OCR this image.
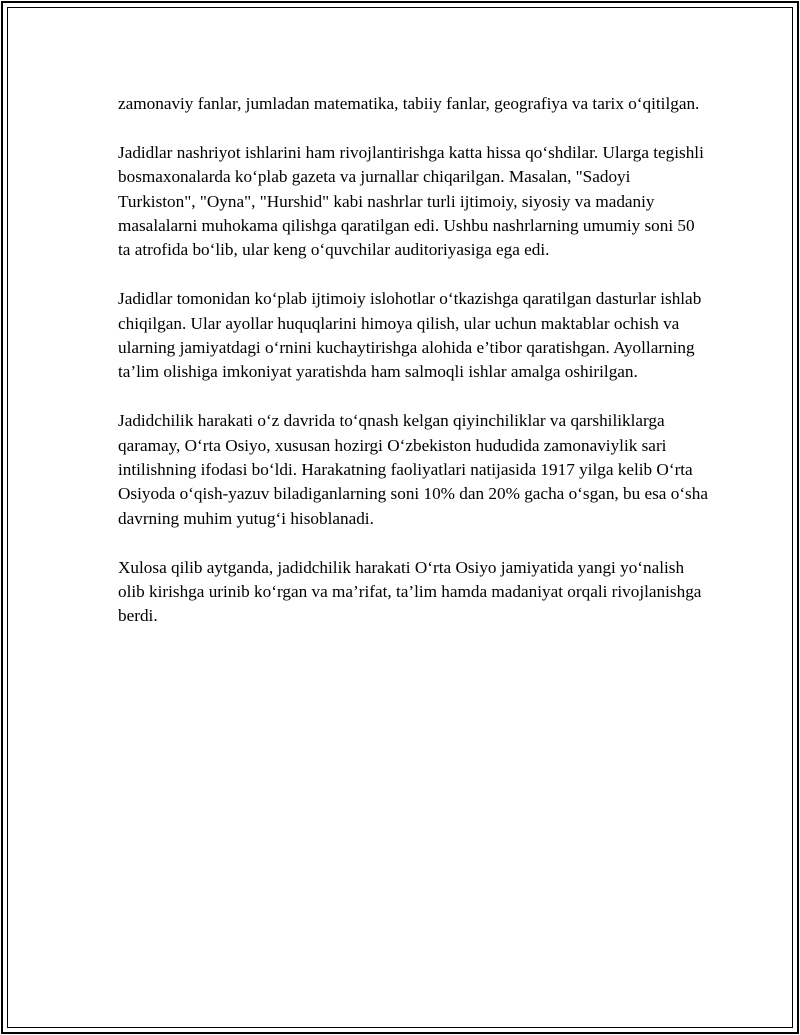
zamonaviy fanlar, jumladan matematika, tabiiy fanlar, geografiya va tarix o‘qitilgan.

Jadidlar nashriyot ishlarini ham rivojlantirishga katta hissa qo‘shdilar. Ularga tegishli bosmaxonalarda ko‘plab gazeta va jurnallar chiqarilgan. Masalan, "Sadoyi Turkiston", "Oyna", "Hurshid" kabi nashrlar turli ijtimoiy, siyosiy va madaniy masalalarni muhokama qilishga qaratilgan edi. Ushbu nashrlarning umumiy soni 50 ta atrofida bo‘lib, ular keng o‘quvchilar auditoriyasiga ega edi.

Jadidlar tomonidan ko‘plab ijtimoiy islohotlar o‘tkazishga qaratilgan dasturlar ishlab chiqilgan. Ular ayollar huquqlarini himoya qilish, ular uchun maktablar ochish va ularning jamiyatdagi o‘rnini kuchaytirishga alohida e’tibor qaratishgan. Ayollarning ta’lim olishiga imkoniyat yaratishda ham salmoqli ishlar amalga oshirilgan.

Jadidchilik harakati o‘z davrida to‘qnash kelgan qiyinchiliklar va qarshiliklarga qaramay, O‘rta Osiyo, xususan hozirgi O‘zbekiston hududida zamonaviylik sari intilishning ifodasi bo‘ldi. Harakatning faoliyatlari natijasida 1917 yilga kelib O‘rta Osiyoda o‘qish-yazuv biladiganlarning soni 10% dan 20% gacha o‘sgan, bu esa o‘sha davrning muhim yutug‘i hisoblanadi.

Xulosa qilib aytganda, jadidchilik harakati O‘rta Osiyo jamiyatida yangi yo‘nalish olib kirishga urinib ko‘rgan va ma’rifat, ta’lim hamda madaniyat orqali rivojlanishga berdi.
